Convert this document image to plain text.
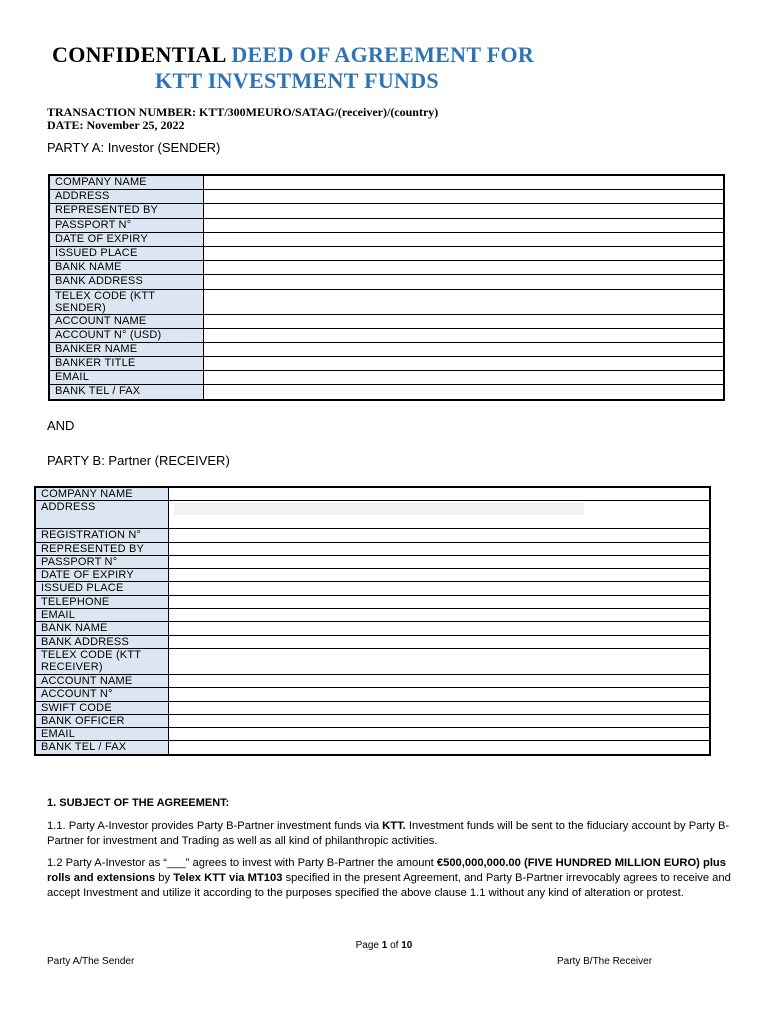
CONFIDENTIAL DEED OF AGREEMENT FOR
KTT INVESTMENT FUNDS
TRANSACTION NUMBER: KTT/300MEURO/SATAG/(receiver)/(country)
DATE: November 25, 2022
PARTY A: Investor (SENDER)
COMPANY NAME	
ADDRESS	
REPRESENTED BY	
PASSPORT N°	
DATE OF EXPIRY	
ISSUED PLACE	
BANK NAME	
BANK ADDRESS	
TELEX CODE (KTT SENDER)	
ACCOUNT NAME	
ACCOUNT N° (USD)	
BANKER NAME	
BANKER TITLE	
EMAIL	
BANK TEL / FAX	
AND
PARTY B: Partner (RECEIVER)
COMPANY NAME	
ADDRESS	

REGISTRATION N°	
REPRESENTED BY	
PASSPORT N°	
DATE OF EXPIRY	
ISSUED PLACE	
TELEPHONE	
EMAIL	
BANK NAME	
BANK ADDRESS	
TELEX CODE (KTT RECEIVER)	
ACCOUNT NAME	
ACCOUNT N°	
SWIFT CODE	
BANK OFFICER	
EMAIL	
BANK TEL / FAX	
1. SUBJECT OF THE AGREEMENT:
1.1. Party A-Investor provides Party B-Partner investment funds via KTT. Investment funds will be sent to the fiduciary account by Party B-Partner for investment and Trading as well as all kind of philanthropic activities.
1.2 Party A-Investor as “___” agrees to invest with Party B-Partner the amount €500,000,000.00 (FIVE HUNDRED MILLION EURO) plus rolls and extensions by Telex KTT via MT103 specified in the present Agreement, and Party B-Partner irrevocably agrees to receive and accept Investment and utilize it according to the purposes specified the above clause 1.1 without any kind of alteration or protest.
Page 1 of 10
Party A/The Sender	Party B/The Receiver
